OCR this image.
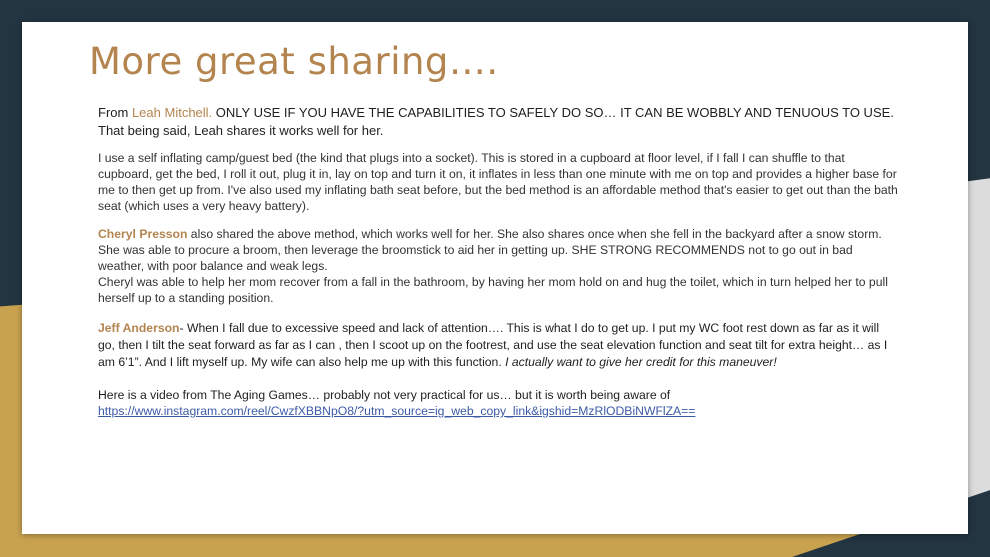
More great sharing….

From Leah Mitchell. ONLY USE IF YOU HAVE THE CAPABILITIES TO SAFELY DO SO… IT CAN BE WOBBLY AND TENUOUS TO USE. That being said, Leah shares it works well for her.

I use a self inflating camp/guest bed (the kind that plugs into a socket). This is stored in a cupboard at floor level, if I fall I can shuffle to that cupboard, get the bed, I roll it out, plug it in, lay on top and turn it on, it inflates in less than one minute with me on top and provides a higher base for me to then get up from. I've also used my inflating bath seat before, but the bed method is an affordable method that's easier to get out than the bath seat (which uses a very heavy battery).

Cheryl Presson also shared the above method, which works well for her. She also shares once when she fell in the backyard after a snow storm. She was able to procure a broom, then leverage the broomstick to aid her in getting up. SHE STRONG RECOMMENDS not to go out in bad weather, with poor balance and weak legs.
Cheryl was able to help her mom recover from a fall in the bathroom, by having her mom hold on and hug the toilet, which in turn helped her to pull herself up to a standing position.

Jeff Anderson- When I fall due to excessive speed and lack of attention…. This is what I do to get up. I put my WC foot rest down as far as it will go, then I tilt the seat forward as far as I can , then I scoot up on the footrest, and use the seat elevation function and seat tilt for extra height… as I am 6’1”. And I lift myself up. My wife can also help me up with this function. I actually want to give her credit for this maneuver!

Here is a video from The Aging Games… probably not very practical for us… but it is worth being aware of
https://www.instagram.com/reel/CwzfXBBNpO8/?utm_source=ig_web_copy_link&igshid=MzRlODBiNWFlZA==
